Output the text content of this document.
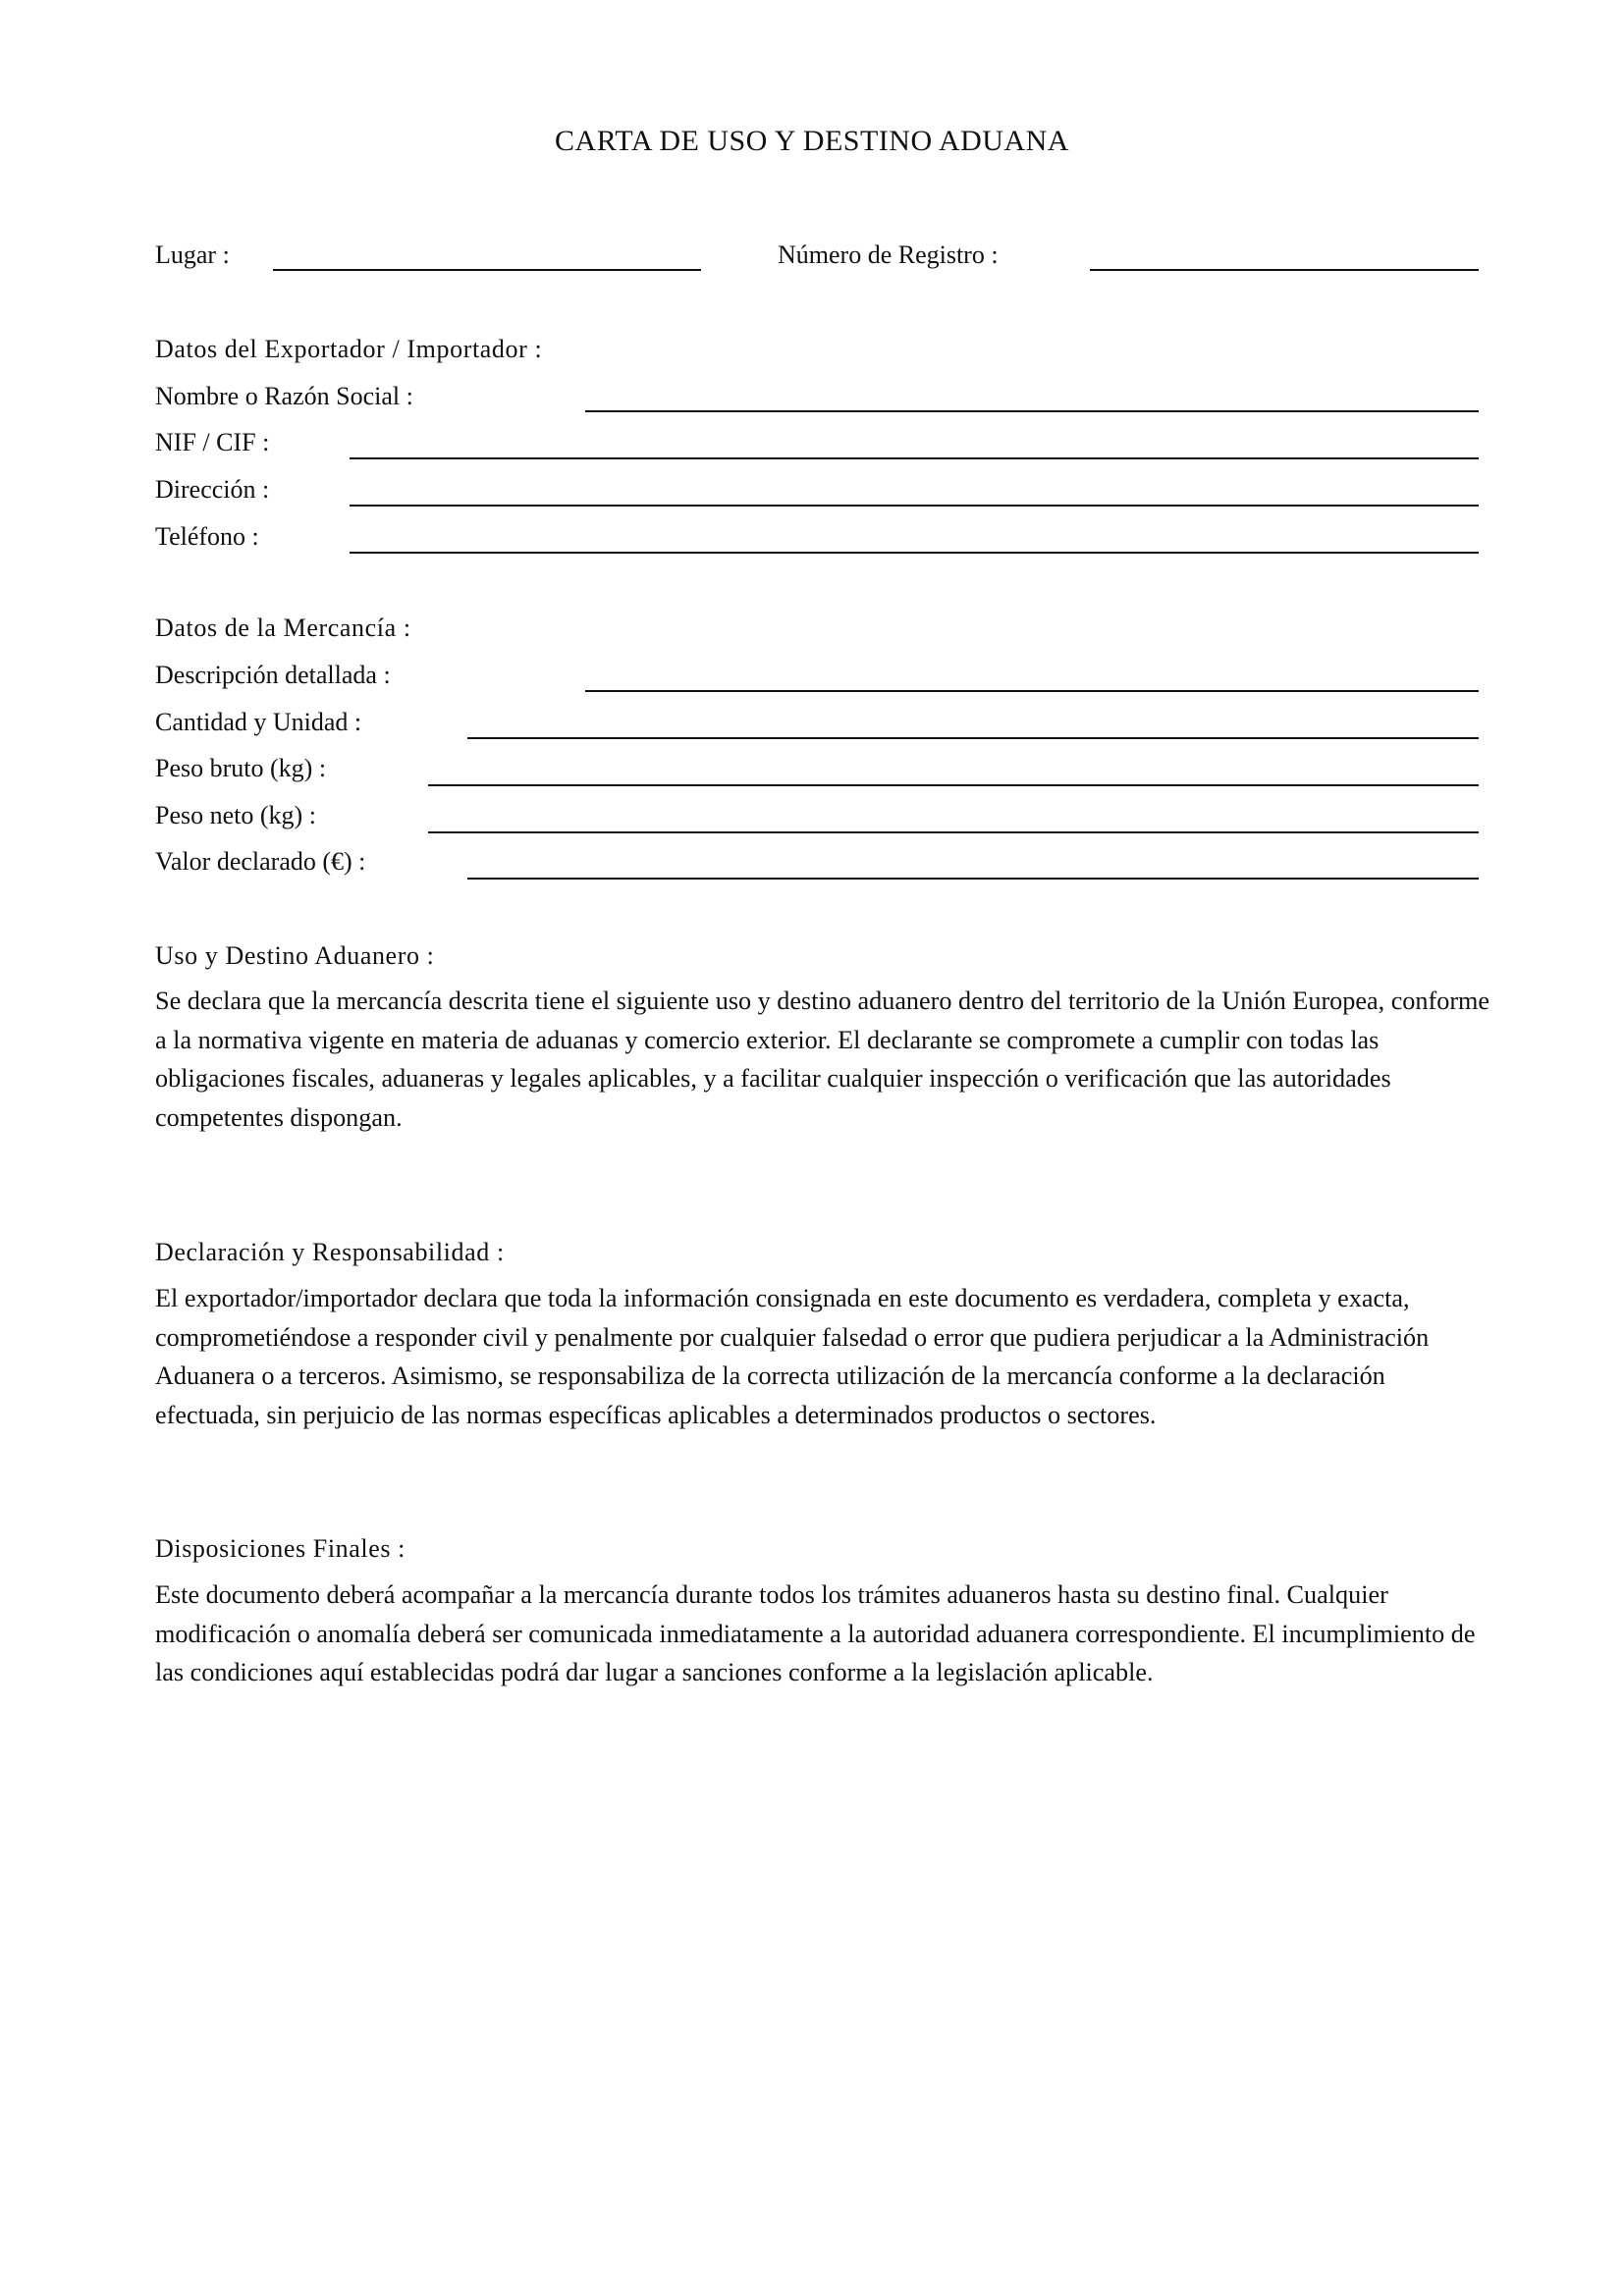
CARTA DE USO Y DESTINO ADUANA
Lugar :	Número de Registro :
Datos del Exportador / Importador :
Nombre o Razón Social :
NIF / CIF :
Dirección :
Teléfono :
Datos de la Mercancía :
Descripción detallada :
Cantidad y Unidad :
Peso bruto (kg) :
Peso neto (kg) :
Valor declarado (€) :
Uso y Destino Aduanero :
Se declara que la mercancía descrita tiene el siguiente uso y destino aduanero dentro del territorio de la Unión Europea, conforme a la normativa vigente en materia de aduanas y comercio exterior. El declarante se compromete a cumplir con todas las obligaciones fiscales, aduaneras y legales aplicables, y a facilitar cualquier inspección o verificación que las autoridades competentes dispongan.
Declaración y Responsabilidad :
El exportador/importador declara que toda la información consignada en este documento es verdadera, completa y exacta, comprometiéndose a responder civil y penalmente por cualquier falsedad o error que pudiera perjudicar a la Administración Aduanera o a terceros. Asimismo, se responsabiliza de la correcta utilización de la mercancía conforme a la declaración efectuada, sin perjuicio de las normas específicas aplicables a determinados productos o sectores.
Disposiciones Finales :
Este documento deberá acompañar a la mercancía durante todos los trámites aduaneros hasta su destino final. Cualquier modificación o anomalía deberá ser comunicada inmediatamente a la autoridad aduanera correspondiente. El incumplimiento de las condiciones aquí establecidas podrá dar lugar a sanciones conforme a la legislación aplicable.
